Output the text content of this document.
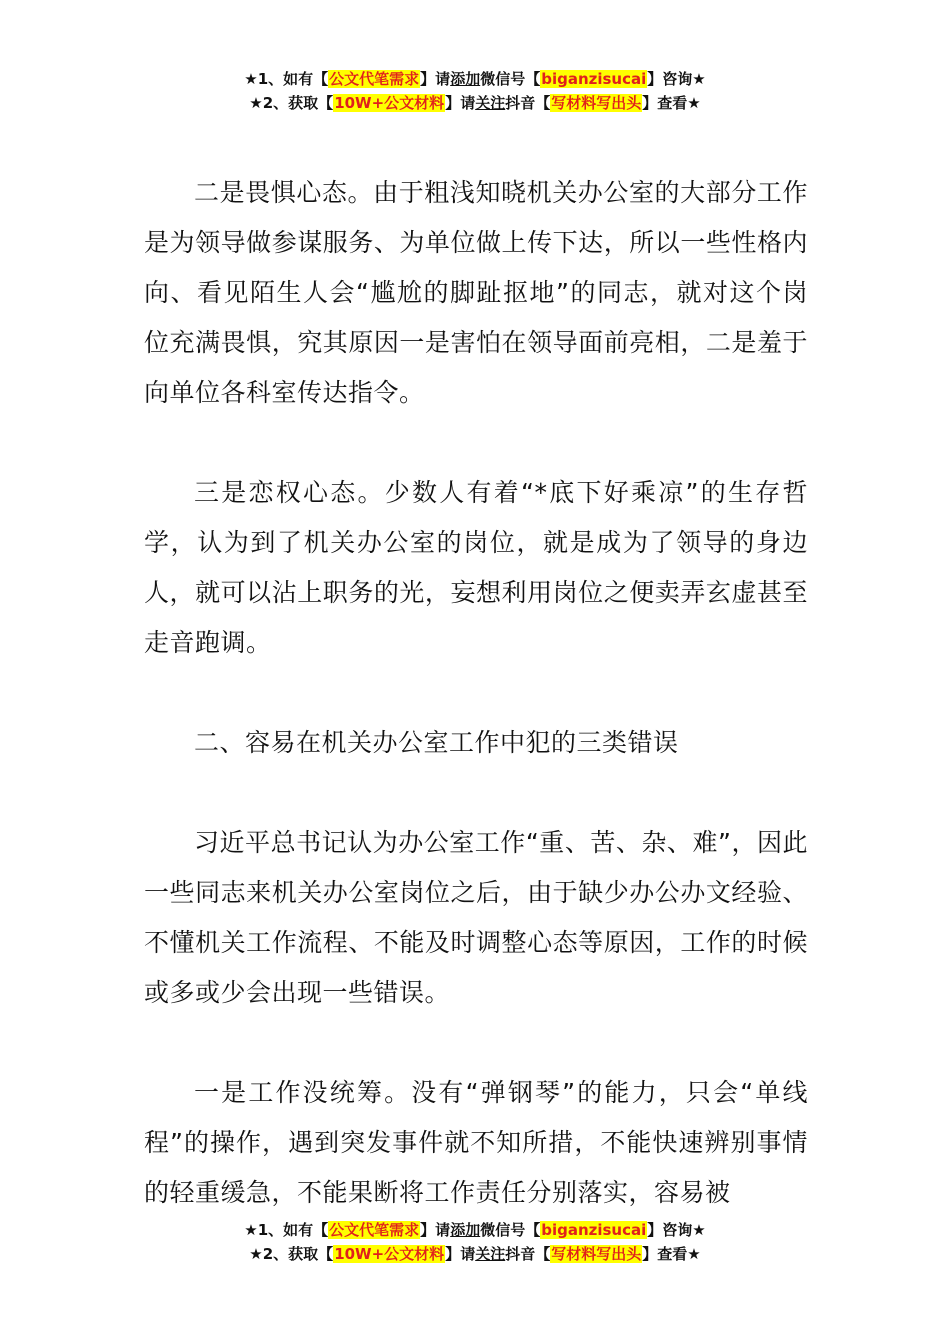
★1、如有【公文代笔需求】请添加微信号【biganzisucai】咨询★
★2、获取【10W+公文材料】请关注抖音【写材料写出头】查看★

二是畏惧心态。由于粗浅知晓机关办公室的大部分工作是为领导做参谋服务、为单位做上传下达，所以一些性格内向、看见陌生人会“尴尬的脚趾抠地”的同志，就对这个岗位充满畏惧，究其原因一是害怕在领导面前亮相，二是羞于向单位各科室传达指令。

三是恋权心态。少数人有着“*底下好乘凉”的生存哲学，认为到了机关办公室的岗位，就是成为了领导的身边人，就可以沾上职务的光，妄想利用岗位之便卖弄玄虚甚至走音跑调。

二、容易在机关办公室工作中犯的三类错误

习近平总书记认为办公室工作“重、苦、杂、难”，因此一些同志来机关办公室岗位之后，由于缺少办公办文经验、不懂机关工作流程、不能及时调整心态等原因，工作的时候或多或少会出现一些错误。

一是工作没统筹。没有“弹钢琴”的能力，只会“单线程”的操作，遇到突发事件就不知所措，不能快速辨别事情的轻重缓急，不能果断将工作责任分别落实，容易被

★1、如有【公文代笔需求】请添加微信号【biganzisucai】咨询★
★2、获取【10W+公文材料】请关注抖音【写材料写出头】查看★
